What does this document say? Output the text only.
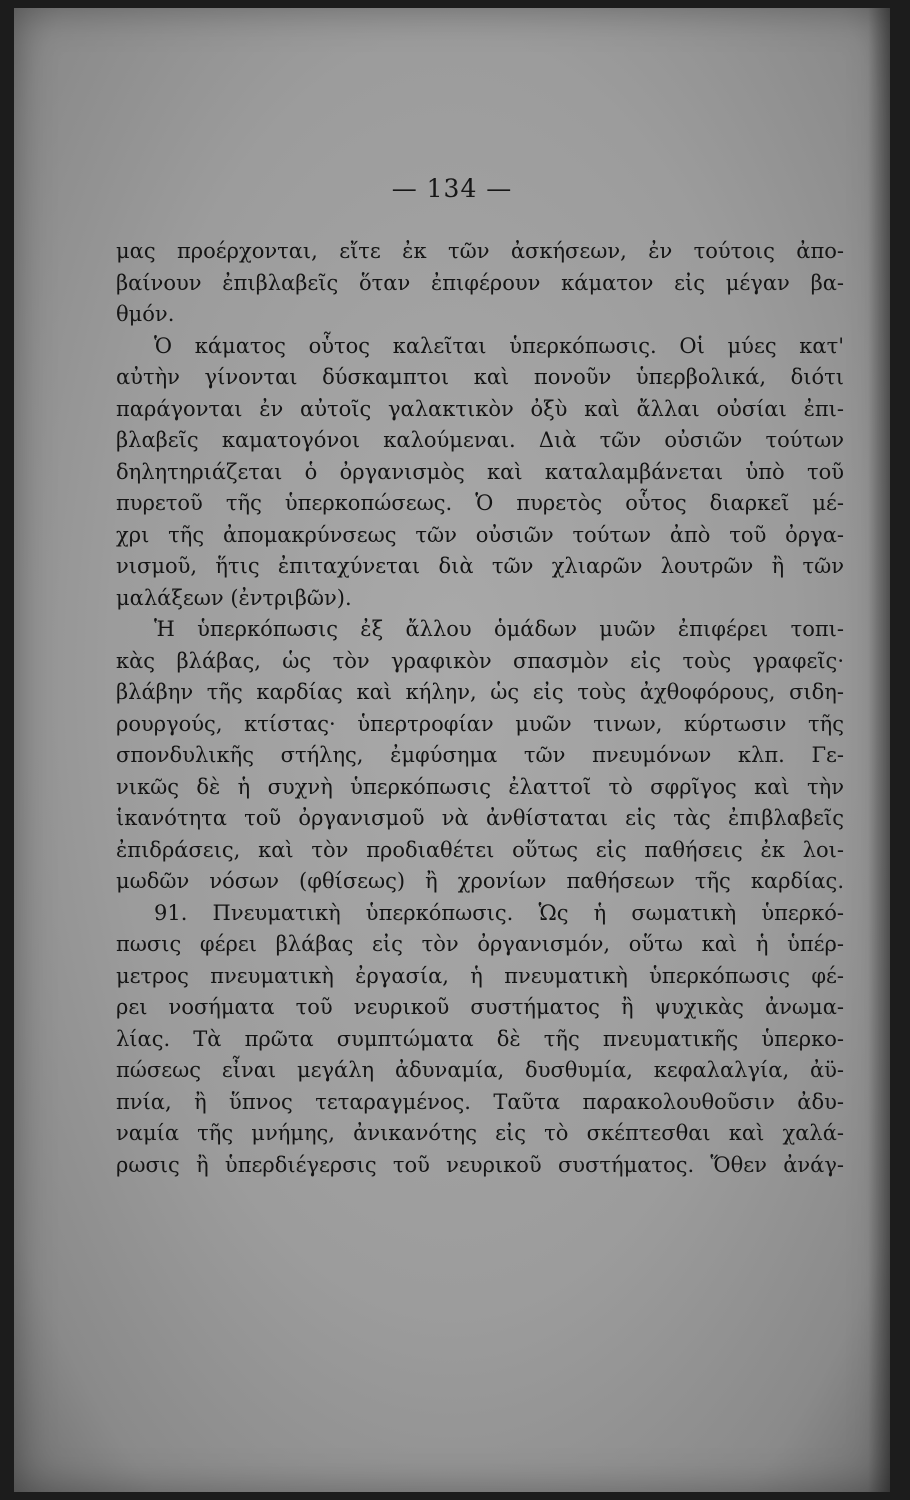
— 134 —
μας προέρχονται, εἴτε ἐκ τῶν ἀσκήσεων, ἐν τούτοις ἀπο-
βαίνουν ἐπιβλαβεῖς ὅταν ἐπιφέρουν κάματον εἰς μέγαν βα-
θμόν.
Ὁ κάματος οὗτος καλεῖται ὑπερκόπωσις. Οἱ μύες κατ'
αὐτὴν γίνονται δύσκαμπτοι καὶ πονοῦν ὑπερβολικά, διότι
παράγονται ἐν αὐτοῖς γαλακτικὸν ὀξὺ καὶ ἄλλαι οὐσίαι ἐπι-
βλαβεῖς καματογόνοι καλούμεναι. Διὰ τῶν οὐσιῶν τούτων
δηλητηριάζεται ὁ ὀργανισμὸς καὶ καταλαμβάνεται ὑπὸ τοῦ
πυρετοῦ τῆς ὑπερκοπώσεως. Ὁ πυρετὸς οὗτος διαρκεῖ μέ-
χρι τῆς ἀπομακρύνσεως τῶν οὐσιῶν τούτων ἀπὸ τοῦ ὀργα-
νισμοῦ, ἥτις ἐπιταχύνεται διὰ τῶν χλιαρῶν λουτρῶν ἢ τῶν
μαλάξεων (ἐντριβῶν).
Ἡ ὑπερκόπωσις ἐξ ἄλλου ὁμάδων μυῶν ἐπιφέρει τοπι-
κὰς βλάβας, ὡς τὸν γραφικὸν σπασμὸν εἰς τοὺς γραφεῖς·
βλάβην τῆς καρδίας καὶ κήλην, ὡς εἰς τοὺς ἀχθοφόρους, σιδη-
ρουργούς, κτίστας· ὑπερτροφίαν μυῶν τινων, κύρτωσιν τῆς
σπονδυλικῆς στήλης, ἐμφύσημα τῶν πνευμόνων κλπ. Γε-
νικῶς δὲ ἡ συχνὴ ὑπερκόπωσις ἐλαττοῖ τὸ σφρῖγος καὶ τὴν
ἱκανότητα τοῦ ὀργανισμοῦ νὰ ἀνθίσταται εἰς τὰς ἐπιβλαβεῖς
ἐπιδράσεις, καὶ τὸν προδιαθέτει οὕτως εἰς παθήσεις ἐκ λοι-
μωδῶν νόσων (φθίσεως) ἢ χρονίων παθήσεων τῆς καρδίας.
91. Πνευματικὴ ὑπερκόπωσις. Ὡς ἡ σωματικὴ ὑπερκό-
πωσις φέρει βλάβας εἰς τὸν ὀργανισμόν, οὕτω καὶ ἡ ὑπέρ-
μετρος πνευματικὴ ἐργασία, ἡ πνευματικὴ ὑπερκόπωσις φέ-
ρει νοσήματα τοῦ νευρικοῦ συστήματος ἢ ψυχικὰς ἀνωμα-
λίας. Τὰ πρῶτα συμπτώματα δὲ τῆς πνευματικῆς ὑπερκο-
πώσεως εἶναι μεγάλη ἀδυναμία, δυσθυμία, κεφαλαλγία, ἀϋ-
πνία, ἢ ὕπνος τεταραγμένος. Ταῦτα παρακολουθοῦσιν ἀδυ-
ναμία τῆς μνήμης, ἀνικανότης εἰς τὸ σκέπτεσθαι καὶ χαλά-
ρωσις ἢ ὑπερδιέγερσις τοῦ νευρικοῦ συστήματος. Ὅθεν ἀνάγ-
